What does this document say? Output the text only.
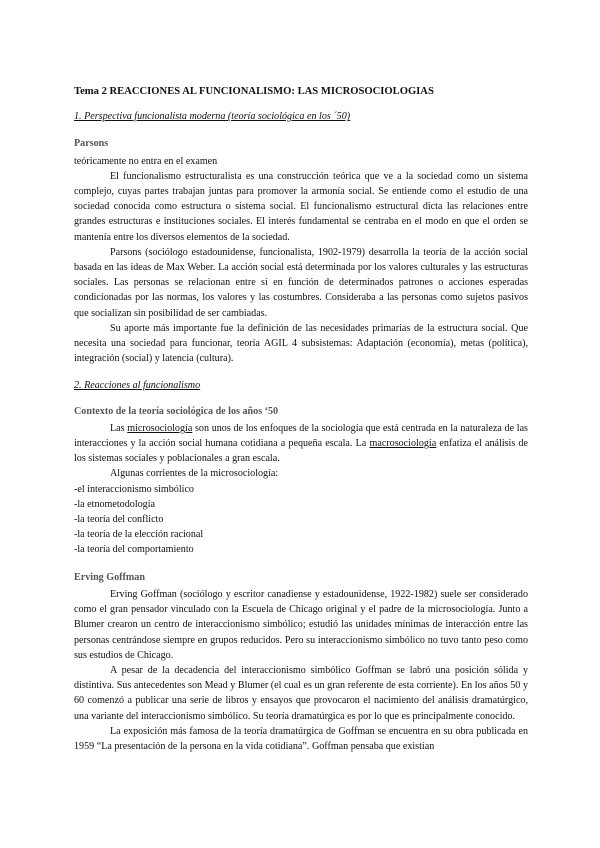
Tema 2 REACCIONES AL FUNCIONALISMO: LAS MICROSOCIOLOGIAS
1. Perspectiva funcionalista moderna (teoría sociológica en los ´50)
Parsons
teóricamente no entra en el examen

El funcionalismo estructuralista es una construcción teórica que ve a la sociedad como un sistema complejo, cuyas partes trabajan juntas para promover la armonía social. Se entiende como el estudio de una sociedad conocida como estructura o sistema social. El funcionalismo estructural dicta las relaciones entre grandes estructuras e instituciones sociales. El interés fundamental se centraba en el modo en que el orden se mantenía entre los diversos elementos de la sociedad.

Parsons (sociólogo estadounidense, funcionalista, 1902-1979) desarrolla la teoría de la acción social basada en las ideas de Max Weber. La acción social está determinada por los valores culturales y las estructuras sociales. Las personas se relacionan entre sí en función de determinados patrones o acciones esperadas condicionadas por las normas, los valores y las costumbres. Consideraba a las personas como sujetos pasivos que socializan sin posibilidad de ser cambiadas.

Su aporte más importante fue la definición de las necesidades primarias de la estructura social. Que necesita una sociedad para funcionar, teoría AGIL 4 subsistemas: Adaptación (economía), metas (política), integración (social) y latencia (cultura).

2. Reacciones al funcionalismo
Contexto de la teoría sociológica de los años ‘50

Las microsociología son unos de los enfoques de la sociología que está centrada en la naturaleza de las interacciones y la acción social humana cotidiana a pequeña escala. La macrosociología enfatiza el análisis de los sistemas sociales y poblacionales a gran escala.

Algunas corrientes de la microsociología:

-el interaccionismo simbólico
-la etnometodología
-la teoría del conflicto
-la teoría de la elección racional
-la teoría del comportamiento
Erving Goffman

Erving Goffman (sociólogo y escritor canadiense y estadounidense, 1922-1982) suele ser considerado como el gran pensador vinculado con la Escuela de Chicago original y el padre de la microsociología. Junto a Blumer crearon un centro de interaccionismo simbólico; estudió las unidades mínimas de interacción entre las personas centrándose siempre en grupos reducidos. Pero su interaccionismo simbólico no tuvo tanto peso como sus estudios de Chicago.

A pesar de la decadencia del interaccionismo simbólico Goffman se labró una posición sólida y distintiva. Sus antecedentes son Mead y Blumer (el cual es un gran referente de esta corriente). En los años 50 y 60 comenzó a publicar una serie de libros y ensayos que provocaron el nacimiento del análisis dramatúrgico, una variante del interaccionismo simbólico. Su teoría dramatúrgica es por lo que es principalmente conocido.

La exposición más famosa de la teoría dramatúrgica de Goffman se encuentra en su obra publicada en 1959 “La presentación de la persona en la vida cotidiana”. Goffman pensaba que existían
